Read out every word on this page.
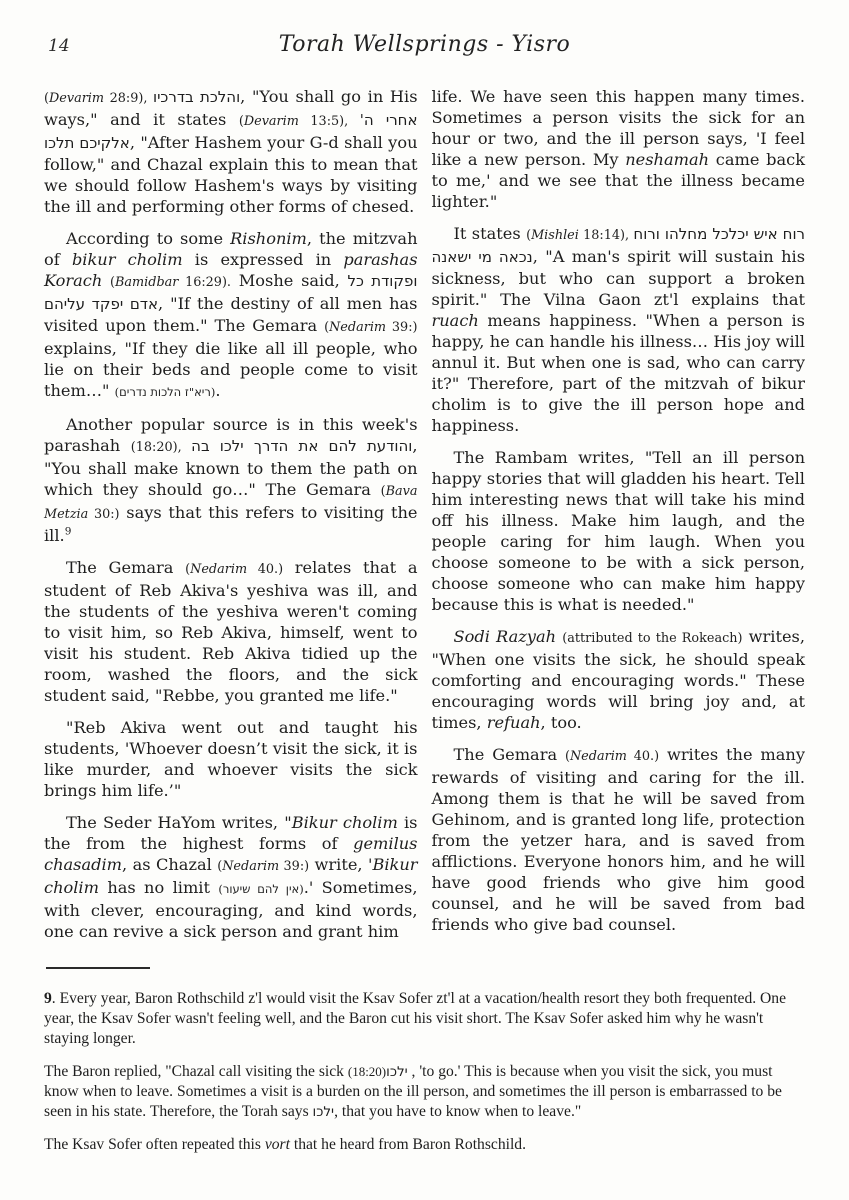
14	Torah Wellsprings - Yisro

(Devarim 28:9), והלכת בדרכיו, "You shall go in His ways," and it states (Devarim 13:5), אחרי ה' אלקיכם תלכו, "After Hashem your G-d shall you follow," and Chazal explain this to mean that we should follow Hashem's ways by visiting the ill and performing other forms of chesed.

According to some Rishonim, the mitzvah of bikur cholim is expressed in parashas Korach (Bamidbar 16:29). Moshe said, ופקודת כל אדם יפקד עליהם, "If the destiny of all men has visited upon them." The Gemara (Nedarim 39:) explains, "If they die like all ill people, who lie on their beds and people come to visit them…" (ריא"ז הלכות נדרים).

Another popular source is in this week's parashah (18:20), והודעת להם את הדרך ילכו בה, "You shall make known to them the path on which they should go…" The Gemara (Bava Metzia 30:) says that this refers to visiting the ill.$^9$

The Gemara (Nedarim 40.) relates that a student of Reb Akiva's yeshiva was ill, and the students of the yeshiva weren't coming to visit him, so Reb Akiva, himself, went to visit his student. Reb Akiva tidied up the room, washed the floors, and the sick student said, "Rebbe, you granted me life."

"Reb Akiva went out and taught his students, 'Whoever doesn’t visit the sick, it is like murder, and whoever visits the sick brings him life.’"

The Seder HaYom writes, "Bikur cholim is the from the highest forms of gemilus chasadim, as Chazal (Nedarim 39:) write, 'Bikur cholim has no limit (אין להם שיעור).' Sometimes, with clever, encouraging, and kind words, one can revive a sick person and grant him

life. We have seen this happen many times. Sometimes a person visits the sick for an hour or two, and the ill person says, 'I feel like a new person. My neshamah came back to me,' and we see that the illness became lighter."

It states (Mishlei 18:14), רוח איש יכלכל מחלהו ורוח נכאה מי ישאנה, "A man's spirit will sustain his sickness, but who can support a broken spirit." The Vilna Gaon zt'l explains that ruach means happiness. "When a person is happy, he can handle his illness… His joy will annul it. But when one is sad, who can carry it?" Therefore, part of the mitzvah of bikur cholim is to give the ill person hope and happiness.

The Rambam writes, "Tell an ill person happy stories that will gladden his heart. Tell him interesting news that will take his mind off his illness. Make him laugh, and the people caring for him laugh. When you choose someone to be with a sick person, choose someone who can make him happy because this is what is needed."

Sodi Razyah (attributed to the Rokeach) writes, "When one visits the sick, he should speak comforting and encouraging words." These encouraging words will bring joy and, at times, refuah, too.

The Gemara (Nedarim 40.) writes the many rewards of visiting and caring for the ill. Among them is that he will be saved from Gehinom, and is granted long life, protection from the yetzer hara, and is saved from afflictions. Everyone honors him, and he will have good friends who give him good counsel, and he will be saved from bad friends who give bad counsel.

9. Every year, Baron Rothschild z'l would visit the Ksav Sofer zt'l at a vacation/health resort they both frequented. One year, the Ksav Sofer wasn't feeling well, and the Baron cut his visit short. The Ksav Sofer asked him why he wasn't staying longer.

The Baron replied, "Chazal call visiting the sick (18:20)ילכו , 'to go.' This is because when you visit the sick, you must know when to leave. Sometimes a visit is a burden on the ill person, and sometimes the ill person is embarrassed to be seen in his state. Therefore, the Torah says ילכו, that you have to know when to leave."

The Ksav Sofer often repeated this vort that he heard from Baron Rothschild.
